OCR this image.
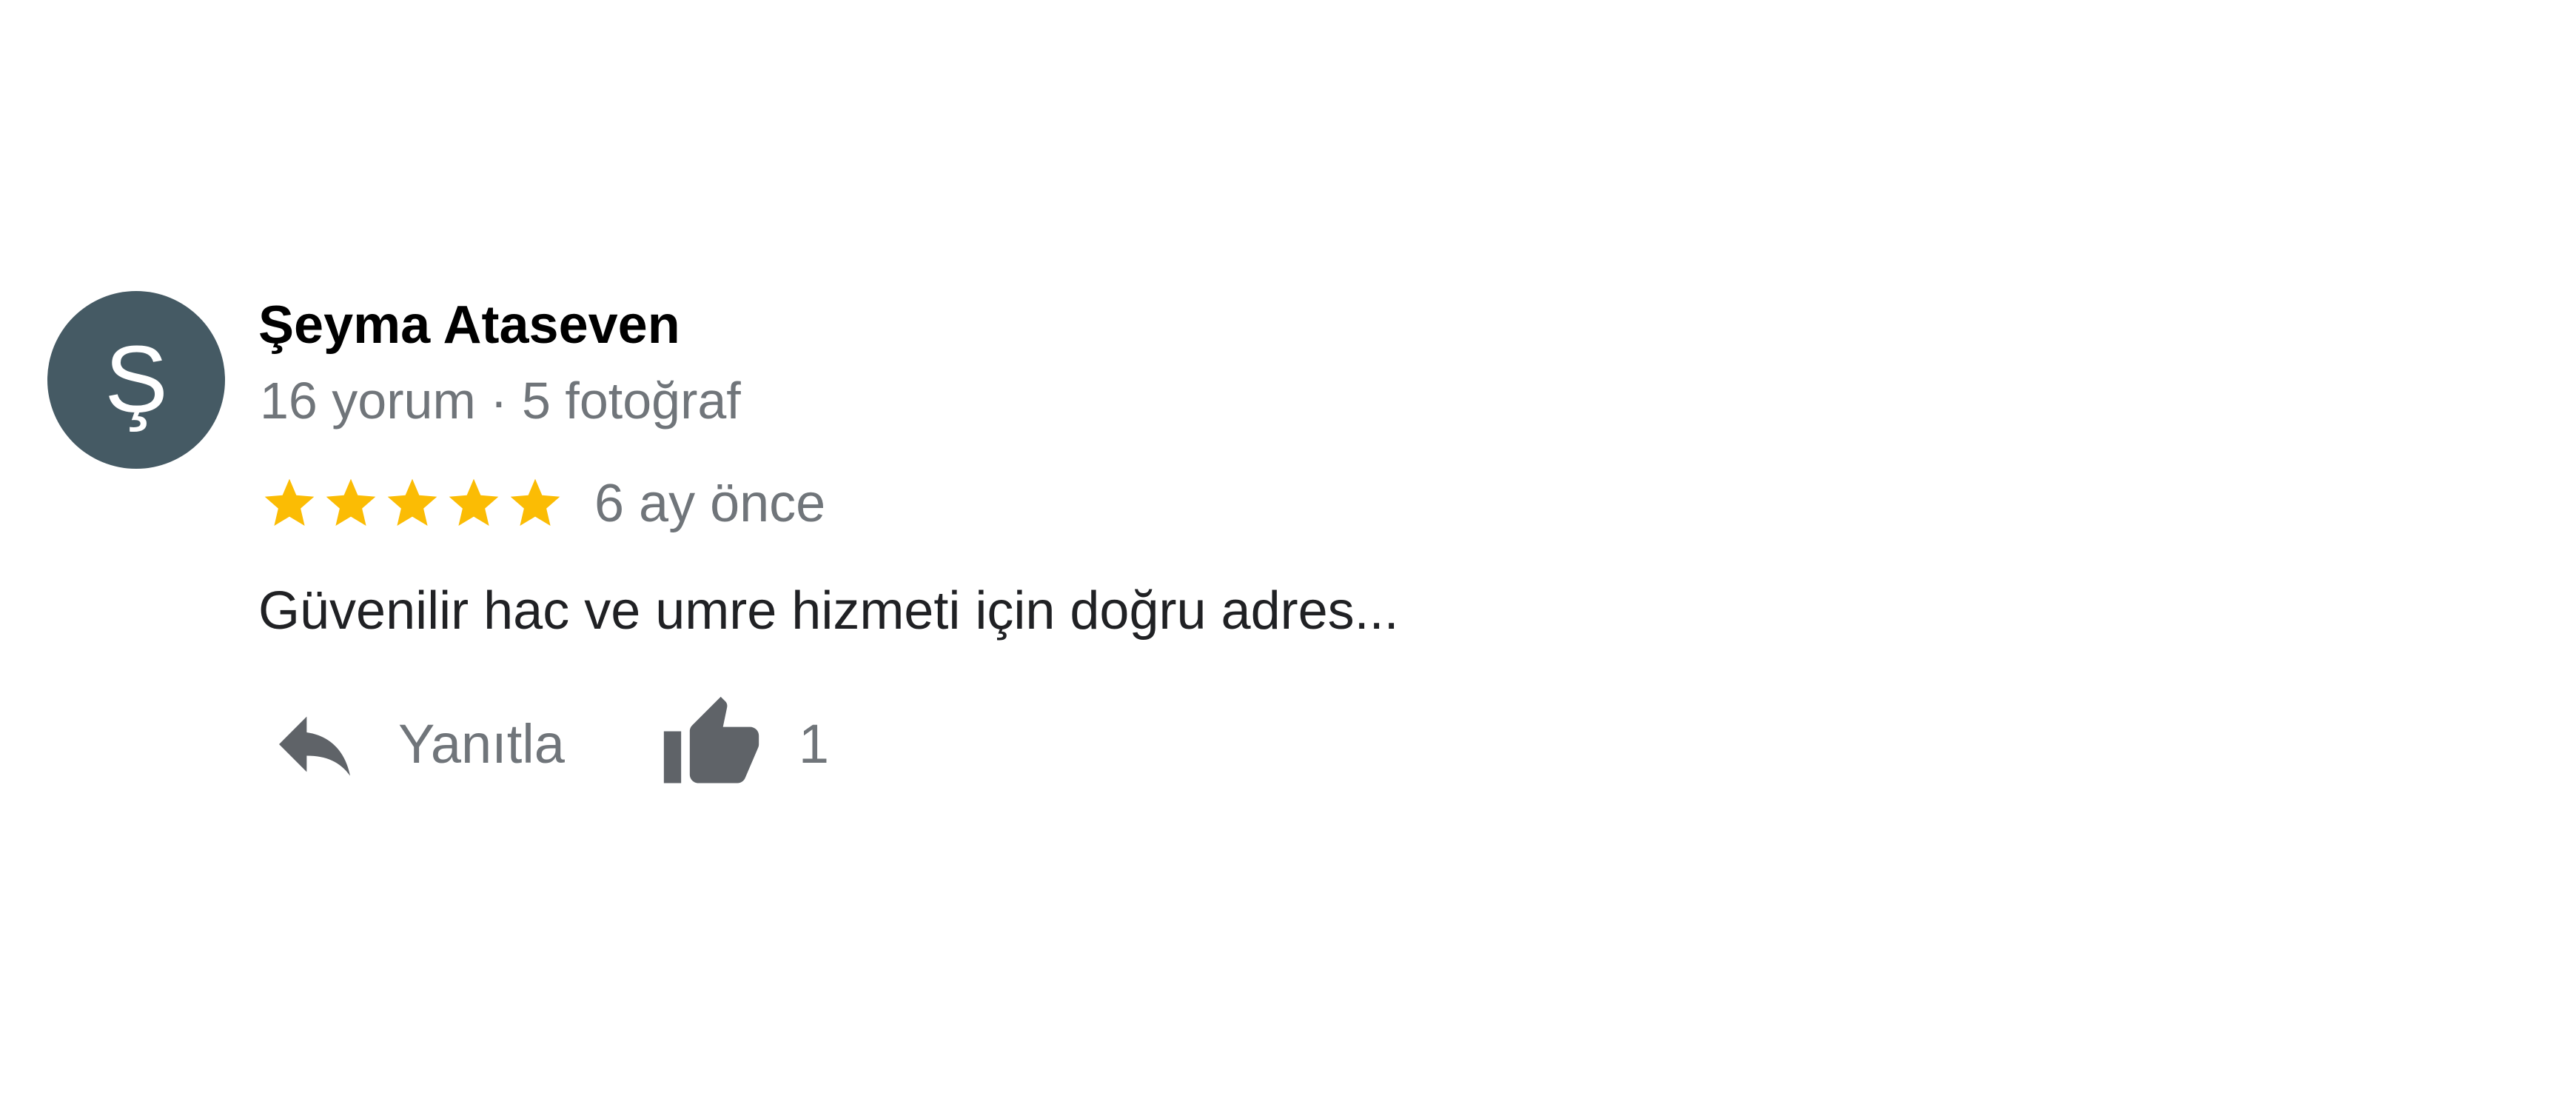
Ş
Şeyma Ataseven
16 yorum · 5 fotoğraf
6 ay önce
Güvenilir hac ve umre hizmeti için doğru adres...
Yanıtla	1
